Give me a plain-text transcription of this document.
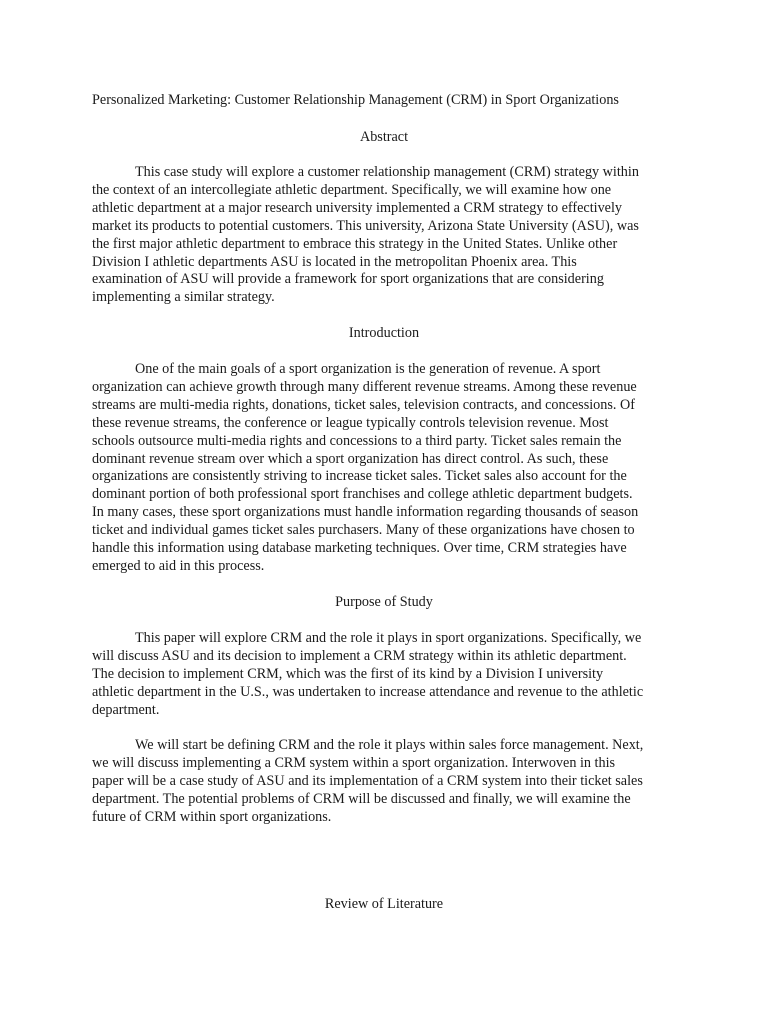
Personalized Marketing: Customer Relationship Management (CRM) in Sport Organizations
Abstract
This case study will explore a customer relationship management (CRM) strategy within
the context of an intercollegiate athletic department. Specifically, we will examine how one
athletic department at a major research university implemented a CRM strategy to effectively
market its products to potential customers. This university, Arizona State University (ASU), was
the first major athletic department to embrace this strategy in the United States. Unlike other
Division I athletic departments ASU is located in the metropolitan Phoenix area. This
examination of ASU will provide a framework for sport organizations that are considering
implementing a similar strategy.
Introduction
One of the main goals of a sport organization is the generation of revenue. A sport
organization can achieve growth through many different revenue streams. Among these revenue
streams are multi-media rights, donations, ticket sales, television contracts, and concessions. Of
these revenue streams, the conference or league typically controls television revenue. Most
schools outsource multi-media rights and concessions to a third party. Ticket sales remain the
dominant revenue stream over which a sport organization has direct control. As such, these
organizations are consistently striving to increase ticket sales. Ticket sales also account for the
dominant portion of both professional sport franchises and college athletic department budgets.
In many cases, these sport organizations must handle information regarding thousands of season
ticket and individual games ticket sales purchasers. Many of these organizations have chosen to
handle this information using database marketing techniques. Over time, CRM strategies have
emerged to aid in this process.
Purpose of Study
This paper will explore CRM and the role it plays in sport organizations. Specifically, we
will discuss ASU and its decision to implement a CRM strategy within its athletic department.
The decision to implement CRM, which was the first of its kind by a Division I university
athletic department in the U.S., was undertaken to increase attendance and revenue to the athletic
department.
We will start be defining CRM and the role it plays within sales force management. Next,
we will discuss implementing a CRM system within a sport organization. Interwoven in this
paper will be a case study of ASU and its implementation of a CRM system into their ticket sales
department. The potential problems of CRM will be discussed and finally, we will examine the
future of CRM within sport organizations.
Review of Literature
